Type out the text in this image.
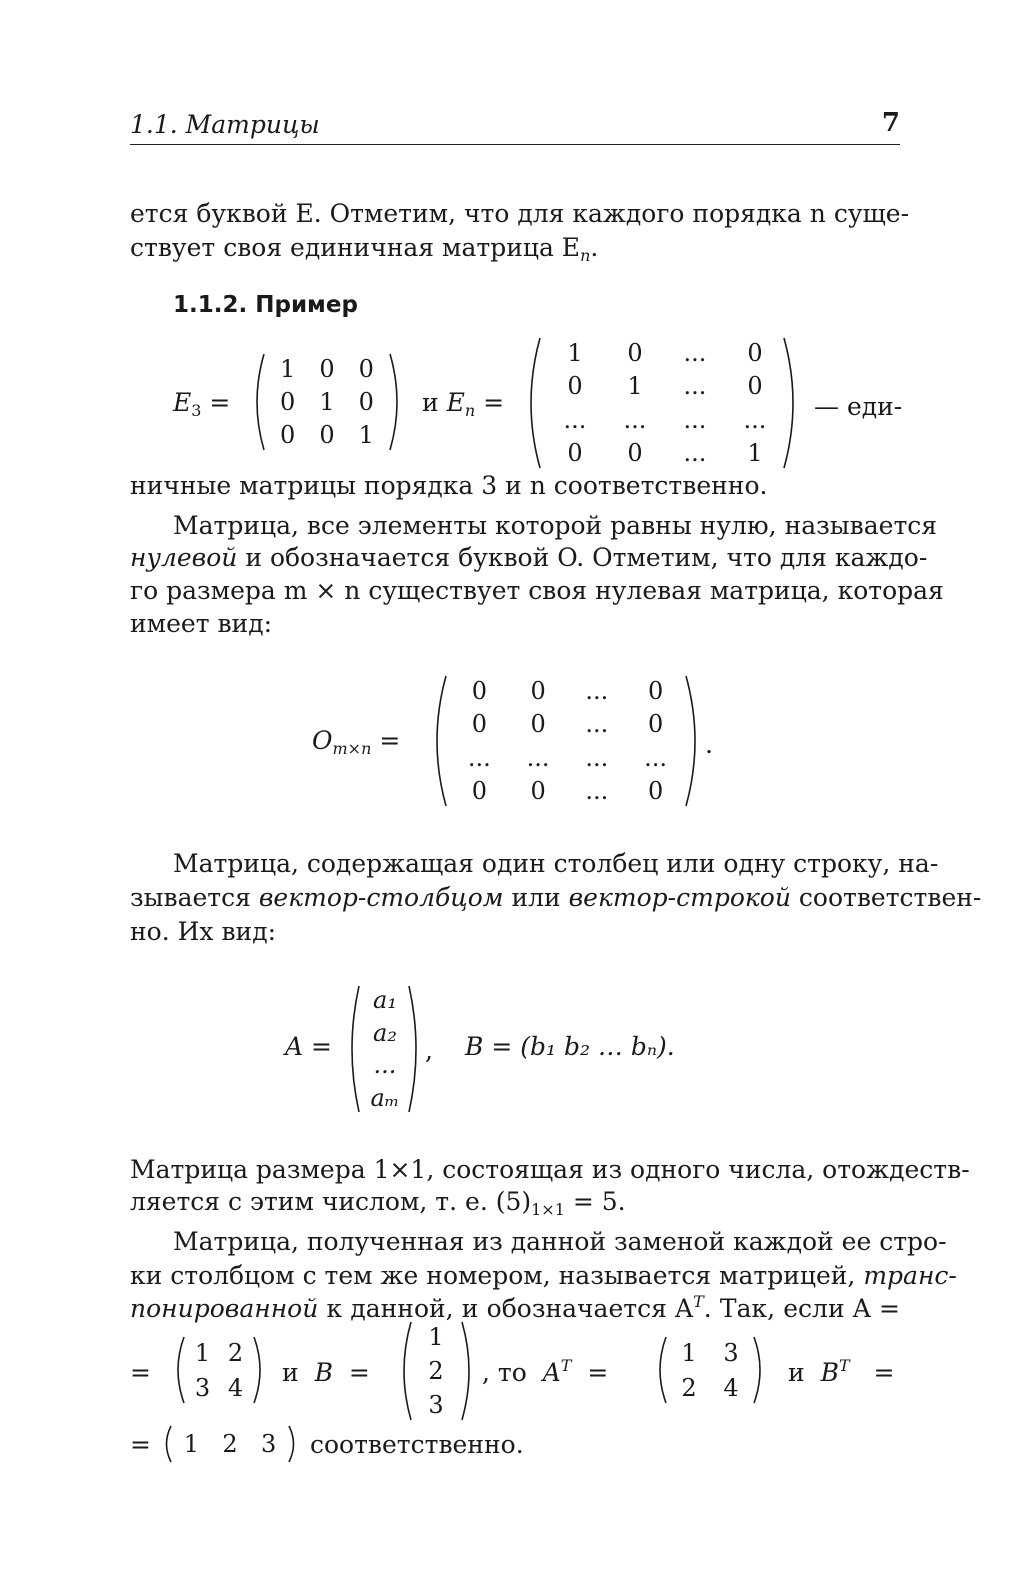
1.1. Матрицы	7
ется буквой E. Отметим, что для каждого порядка n суще-
ствует своя единичная матрица $E_n$.
1.1.2. Пример
$E_3$ =
1	0	0
0	1	0
0	0	1
и $E_n$ =
1	0	...	0
0	1	...	0
...	...	...	...
0	0	...	1
— еди-
ничные матрицы порядка 3 и n соответственно.
Матрица, все элементы которой равны нулю, называется
нулевой и обозначается буквой O. Отметим, что для каждо-
го размера m × n существует своя нулевая матрица, которая
имеет вид:
$O_{m\times n}$ =
0	0	...	0
0	0	...	0
...	...	...	...
0	0	...	0
.
Матрица, содержащая один столбец или одну строку, на-
зывается вектор-столбцом или вектор-строкой соответствен-
но. Их вид:
A =
a₁
a₂
...
aₘ
, B = (b₁ b₂ … bₙ).
Матрица размера 1×1, состоящая из одного числа, отождеств-
ляется с этим числом, т. е. $(5)_{1\times 1} = 5$.
Матрица, полученная из данной заменой каждой ее стро-
ки столбцом с тем же номером, называется матрицей, транс-
понированной к данной, и обозначается $A^T$. Так, если A =
=
1 2
3 4
и B  =
1
2
3
, то $A^T$  =
1	3
2	4
и $B^T$   =
=	1 2 3	соответственно.
